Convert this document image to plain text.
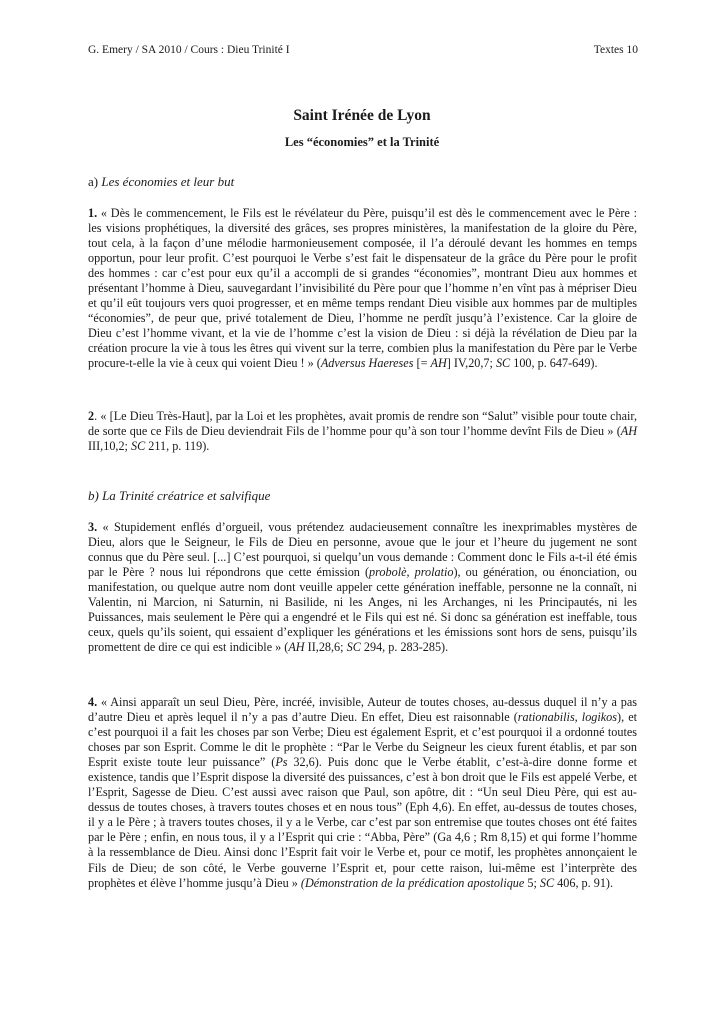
G. Emery / SA 2010 / Cours : Dieu Trinité I	Textes 10
Saint Irénée de Lyon
Les “économies” et la Trinité
a) Les économies et leur but
1. « Dès le commencement, le Fils est le révélateur du Père, puisqu’il est dès le commencement avec le Père : les visions prophétiques, la diversité des grâces, ses propres ministères, la manifestation de la gloire du Père, tout cela, à la façon d’une mélodie harmonieusement composée, il l’a déroulé devant les hommes en temps opportun, pour leur profit. C’est pourquoi le Verbe s’est fait le dispensateur de la grâce du Père pour le profit des hommes : car c’est pour eux qu’il a accompli de si grandes “économies”, montrant Dieu aux hommes et présentant l’homme à Dieu, sauvegardant l’invisibilité du Père pour que l’homme n’en vînt pas à mépriser Dieu et qu’il eût toujours vers quoi progresser, et en même temps rendant Dieu visible aux hommes par de multiples “économies”, de peur que, privé totalement de Dieu, l’homme ne perdît jusqu’à l’existence. Car la gloire de Dieu c’est l’homme vivant, et la vie de l’homme c’est la vision de Dieu : si déjà la révélation de Dieu par la création procure la vie à tous les êtres qui vivent sur la terre, combien plus la manifestation du Père par le Verbe procure-t-elle la vie à ceux qui voient Dieu ! » (Adversus Haereses [= AH] IV,20,7; SC 100, p. 647-649).
2. « [Le Dieu Très-Haut], par la Loi et les prophètes, avait promis de rendre son “Salut” visible pour toute chair, de sorte que ce Fils de Dieu deviendrait Fils de l’homme pour qu’à son tour l’homme devînt Fils de Dieu » (AH III,10,2; SC 211, p. 119).
b) La Trinité créatrice et salvifique
3. « Stupidement enflés d’orgueil, vous prétendez audacieusement connaître les inexprimables mystères de Dieu, alors que le Seigneur, le Fils de Dieu en personne, avoue que le jour et l’heure du jugement ne sont connus que du Père seul. [...] C’est pourquoi, si quelqu’un vous demande : Comment donc le Fils a-t-il été émis par le Père ? nous lui répondrons que cette émission (probolè, prolatio), ou génération, ou énonciation, ou manifestation, ou quelque autre nom dont veuille appeler cette génération ineffable, personne ne la connaît, ni Valentin, ni Marcion, ni Saturnin, ni Basilide, ni les Anges, ni les Archanges, ni les Principautés, ni les Puissances, mais seulement le Père qui a engendré et le Fils qui est né. Si donc sa génération est ineffable, tous ceux, quels qu’ils soient, qui essaient d’expliquer les générations et les émissions sont hors de sens, puisqu’ils promettent de dire ce qui est indicible » (AH II,28,6; SC 294, p. 283-285).
4. « Ainsi apparaît un seul Dieu, Père, incréé, invisible, Auteur de toutes choses, au-dessus duquel il n’y a pas d’autre Dieu et après lequel il n’y a pas d’autre Dieu. En effet, Dieu est raisonnable (rationabilis, logikos), et c’est pourquoi il a fait les choses par son Verbe; Dieu est également Esprit, et c’est pourquoi il a ordonné toutes choses par son Esprit. Comme le dit le prophète : “Par le Verbe du Seigneur les cieux furent établis, et par son Esprit existe toute leur puissance” (Ps 32,6). Puis donc que le Verbe établit, c’est-à-dire donne forme et existence, tandis que l’Esprit dispose la diversité des puissances, c’est à bon droit que le Fils est appelé Verbe, et l’Esprit, Sagesse de Dieu. C’est aussi avec raison que Paul, son apôtre, dit : “Un seul Dieu Père, qui est au-dessus de toutes choses, à travers toutes choses et en nous tous” (Eph 4,6). En effet, au-dessus de toutes choses, il y a le Père ; à travers toutes choses, il y a le Verbe, car c’est par son entremise que toutes choses ont été faites par le Père ; enfin, en nous tous, il y a l’Esprit qui crie : “Abba, Père” (Ga 4,6 ; Rm 8,15) et qui forme l’homme à la ressemblance de Dieu. Ainsi donc l’Esprit fait voir le Verbe et, pour ce motif, les prophètes annonçaient le Fils de Dieu; de son côté, le Verbe gouverne l’Esprit et, pour cette raison, lui-même est l’interprète des prophètes et élève l’homme jusqu’à Dieu » (Démonstration de la prédication apostolique 5; SC 406, p. 91).
